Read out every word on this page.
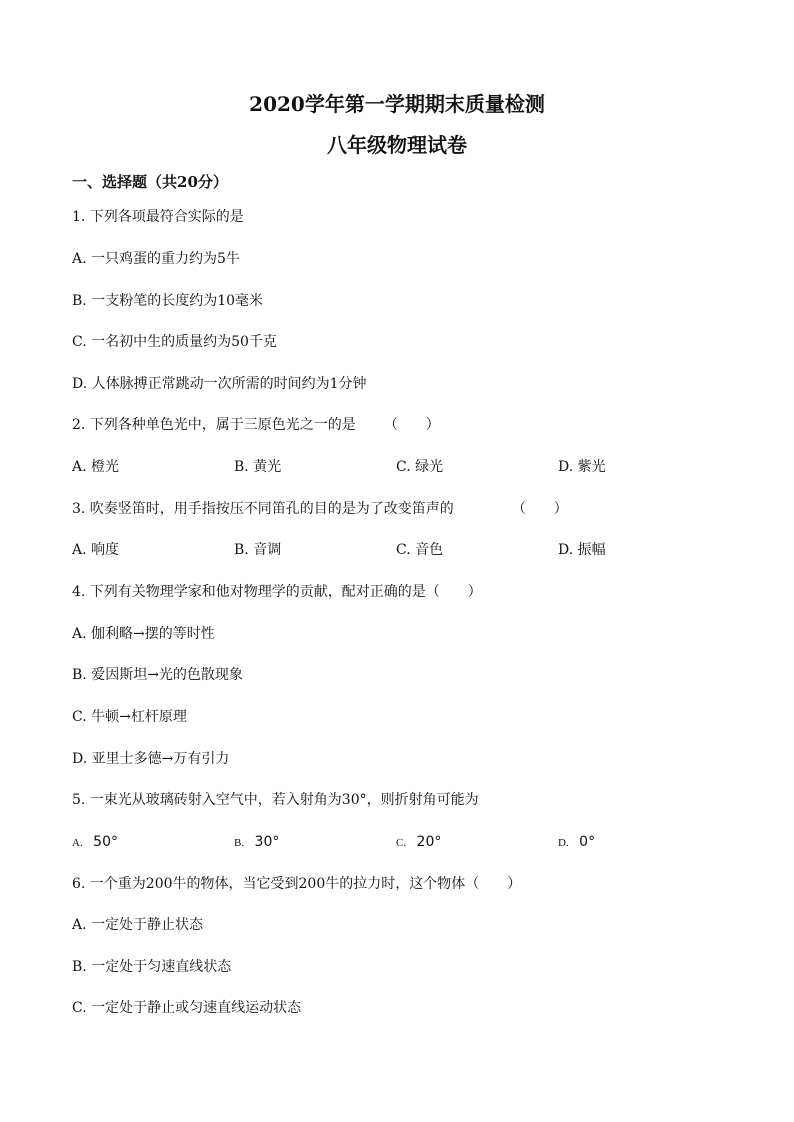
2020学年第一学期期末质量检测
八年级物理试卷
一、选择题（共20分）
1. 下列各项最符合实际的是
A. 一只鸡蛋的重力约为5牛
B. 一支粉笔的长度约为10毫米
C. 一名初中生的质量约为50千克
D. 人体脉搏正常跳动一次所需的时间约为1分钟
2. 下列各种单色光中，属于三原色光之一的是 （　　）
A. 橙光	B. 黄光	C. 绿光	D. 紫光
3. 吹奏竖笛时，用手指按压不同笛孔的目的是为了改变笛声的	（　　）
A. 响度	B. 音调	C. 音色	D. 振幅
4. 下列有关物理学家和他对物理学的贡献，配对正确的是（　　）
A. 伽利略→摆的等时性
B. 爱因斯坦→光的色散现象
C. 牛顿→杠杆原理
D. 亚里士多德→万有引力
5. 一束光从玻璃砖射入空气中，若入射角为30°，则折射角可能为
A. 50°	B. 30°	C. 20°	D. 0°
6. 一个重为200牛的物体，当它受到200牛的拉力时，这个物体（　　）
A. 一定处于静止状态
B. 一定处于匀速直线状态
C. 一定处于静止或匀速直线运动状态
